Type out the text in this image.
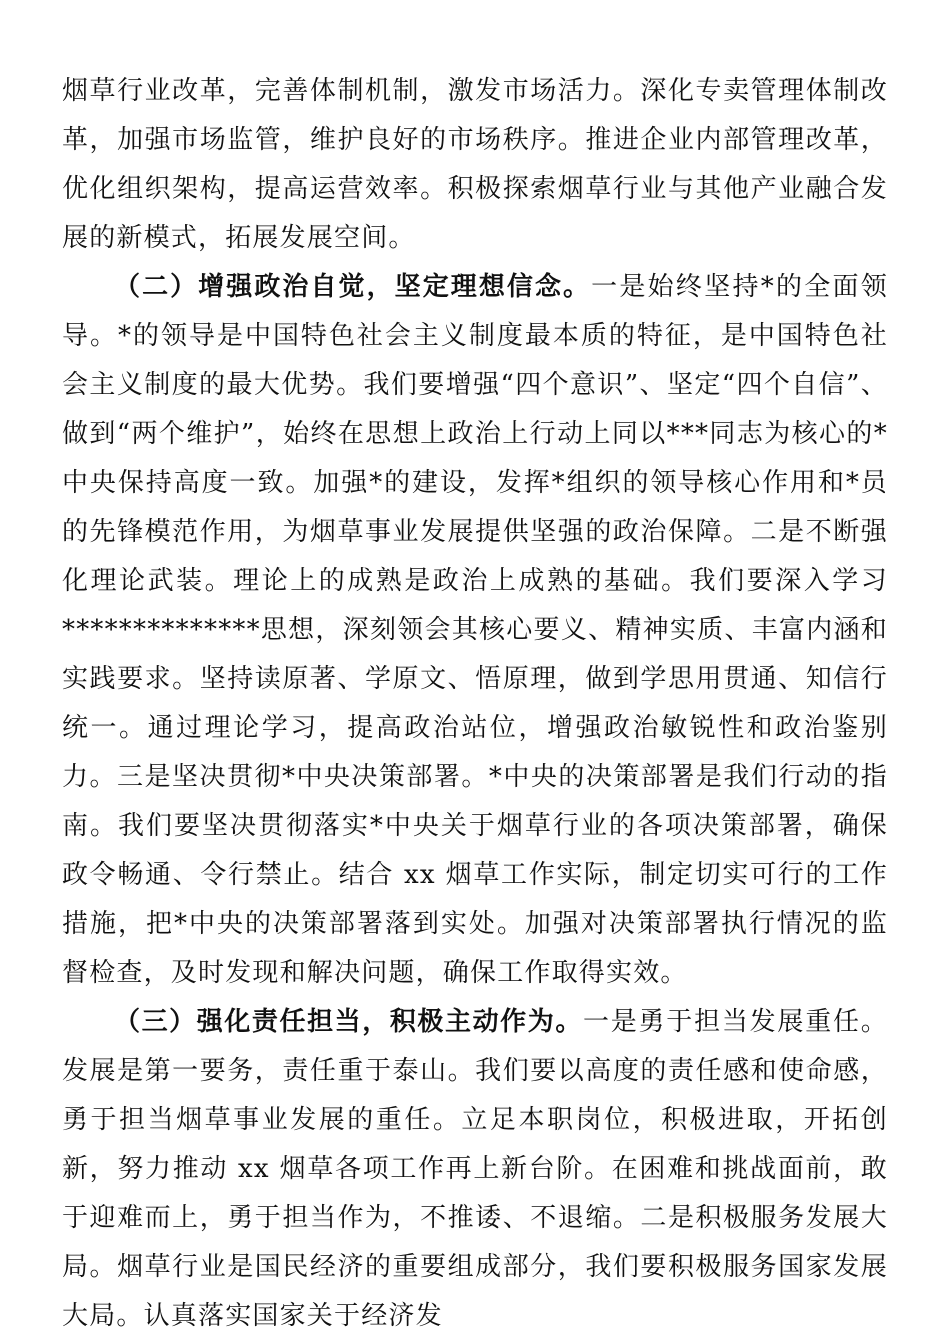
烟草行业改革，完善体制机制，激发市场活力。深化专卖管理体制改革，加强市场监管，维护良好的市场秩序。推进企业内部管理改革，优化组织架构，提高运营效率。积极探索烟草行业与其他产业融合发展的新模式，拓展发展空间。

（二）增强政治自觉，坚定理想信念。一是始终坚持*的全面领导。*的领导是中国特色社会主义制度最本质的特征，是中国特色社会主义制度的最大优势。我们要增强“四个意识”、坚定“四个自信”、做到“两个维护”，始终在思想上政治上行动上同以***同志为核心的*中央保持高度一致。加强*的建设，发挥*组织的领导核心作用和*员的先锋模范作用，为烟草事业发展提供坚强的政治保障。二是不断强化理论武装。理论上的成熟是政治上成熟的基础。我们要深入学习**************思想，深刻领会其核心要义、精神实质、丰富内涵和实践要求。坚持读原著、学原文、悟原理，做到学思用贯通、知信行统一。通过理论学习，提高政治站位，增强政治敏锐性和政治鉴别力。三是坚决贯彻*中央决策部署。*中央的决策部署是我们行动的指南。我们要坚决贯彻落实*中央关于烟草行业的各项决策部署，确保政令畅通、令行禁止。结合 xx 烟草工作实际，制定切实可行的工作措施，把*中央的决策部署落到实处。加强对决策部署执行情况的监督检查，及时发现和解决问题，确保工作取得实效。

（三）强化责任担当，积极主动作为。一是勇于担当发展重任。发展是第一要务，责任重于泰山。我们要以高度的责任感和使命感，勇于担当烟草事业发展的重任。立足本职岗位，积极进取，开拓创新，努力推动 xx 烟草各项工作再上新台阶。在困难和挑战面前，敢于迎难而上，勇于担当作为，不推诿、不退缩。二是积极服务发展大局。烟草行业是国民经济的重要组成部分，我们要积极服务国家发展大局。认真落实国家关于经济发
